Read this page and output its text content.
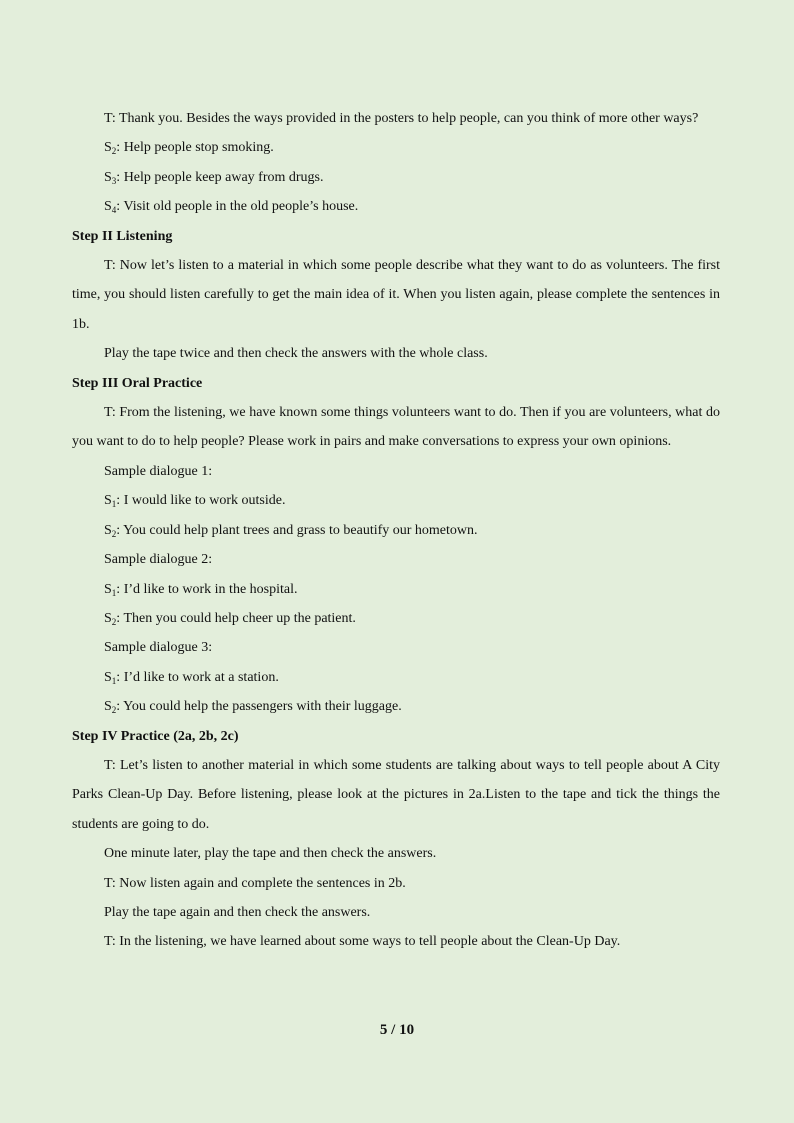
T: Thank you. Besides the ways provided in the posters to help people, can you think of more other ways?

$S_2$: Help people stop smoking.

$S_3$: Help people keep away from drugs.

$S_4$: Visit old people in the old people’s house.

Step II Listening

T: Now let’s listen to a material in which some people describe what they want to do as volunteers. The first time, you should listen carefully to get the main idea of it. When you listen again, please complete the sentences in 1b.

Play the tape twice and then check the answers with the whole class.

Step III Oral Practice

T: From the listening, we have known some things volunteers want to do. Then if you are volunteers, what do you want to do to help people? Please work in pairs and make conversations to express your own opinions.

Sample dialogue 1:

$S_1$: I would like to work outside.

$S_2$: You could help plant trees and grass to beautify our hometown.

Sample dialogue 2:

$S_1$: I’d like to work in the hospital.

$S_2$: Then you could help cheer up the patient.

Sample dialogue 3:

$S_1$: I’d like to work at a station.

$S_2$: You could help the passengers with their luggage.

Step IV Practice (2a, 2b, 2c)

T: Let’s listen to another material in which some students are talking about ways to tell people about A City Parks Clean-Up Day. Before listening, please look at the pictures in 2a.Listen to the tape and tick the things the students are going to do.

One minute later, play the tape and then check the answers.

T: Now listen again and complete the sentences in 2b.

Play the tape again and then check the answers.

T: In the listening, we have learned about some ways to tell people about the Clean-Up Day.

5 / 10
